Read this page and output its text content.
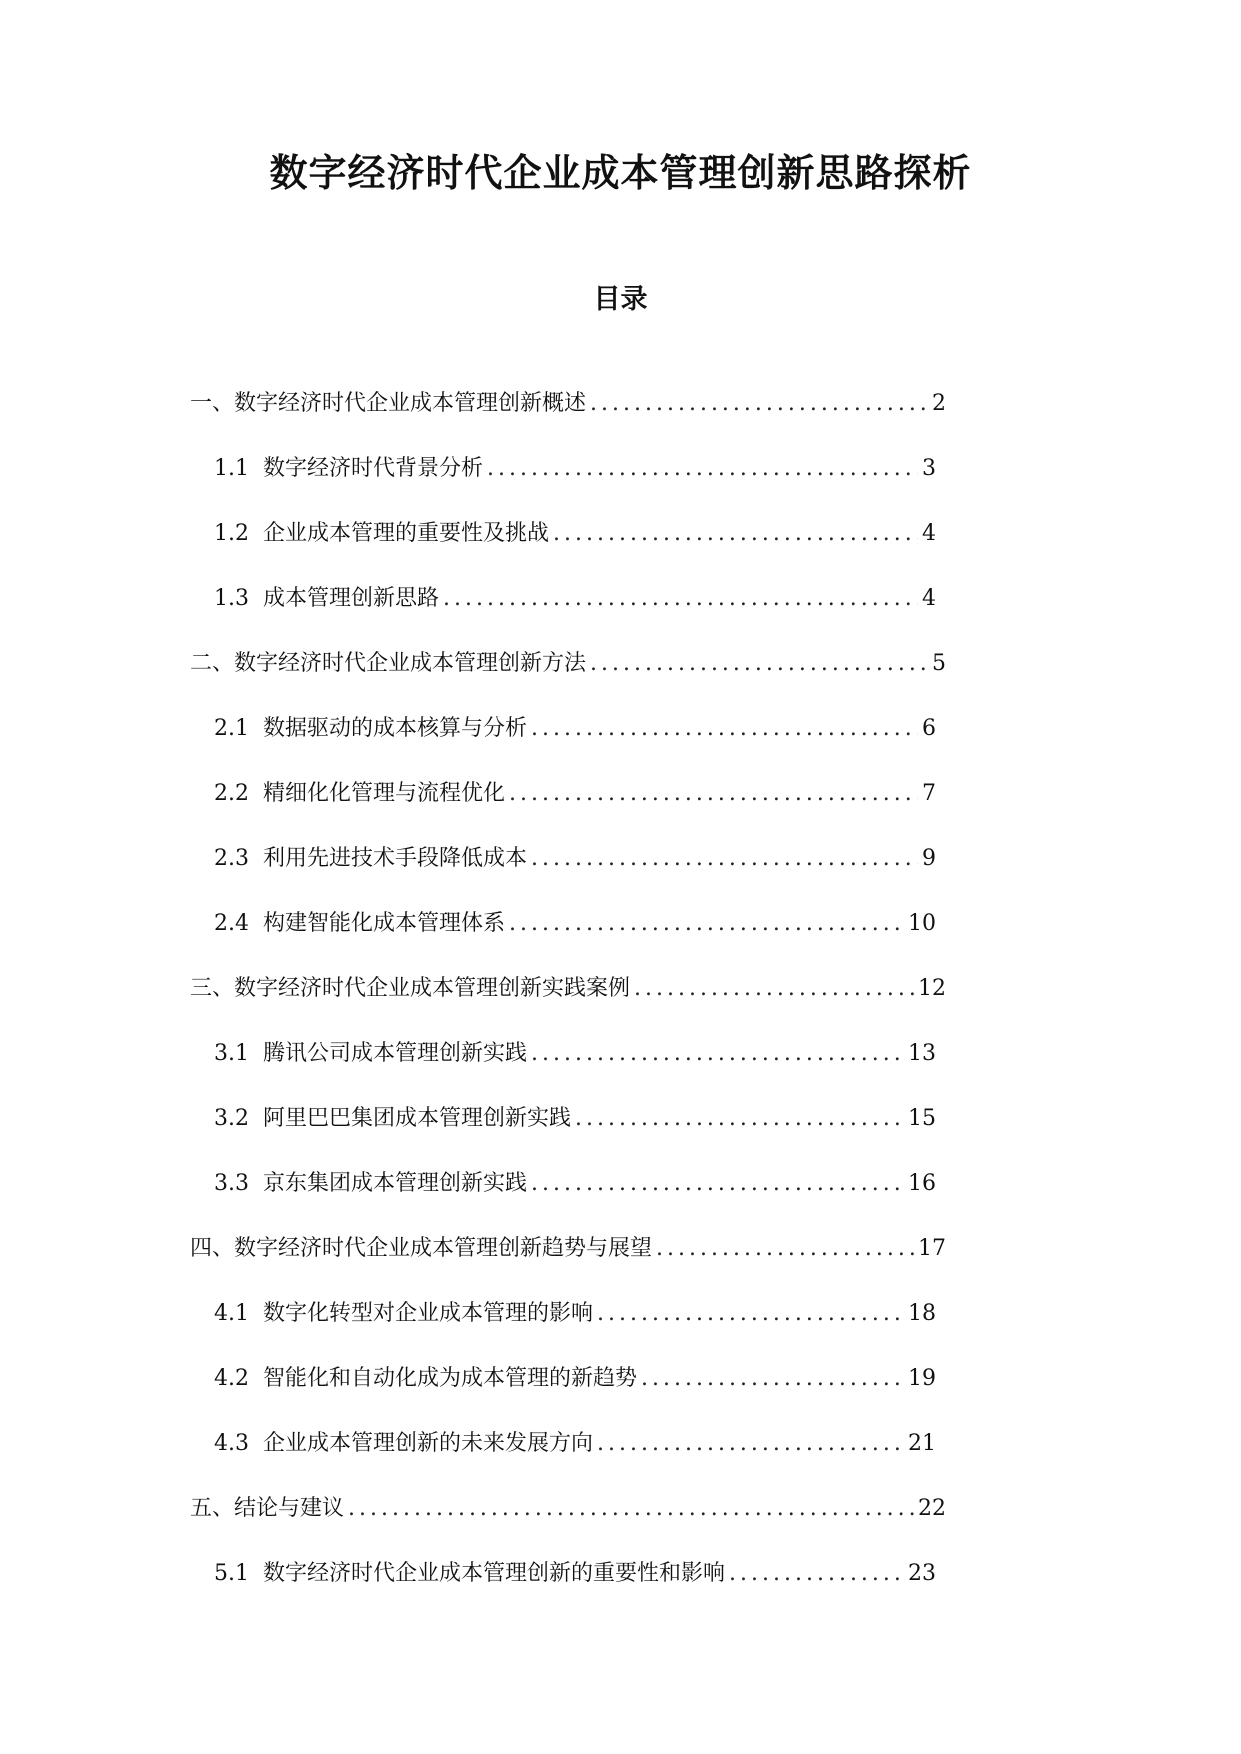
数字经济时代企业成本管理创新思路探析
目录
一、数字经济时代企业成本管理创新概述 .....	2
1.1 数字经济时代背景分析 .....	3
1.2 企业成本管理的重要性及挑战 .....	4
1.3 成本管理创新思路 .....	4
二、数字经济时代企业成本管理创新方法 .....	5
2.1 数据驱动的成本核算与分析 .....	6
2.2 精细化化管理与流程优化 .....	7
2.3 利用先进技术手段降低成本 .....	9
2.4 构建智能化成本管理体系 .....	10
三、数字经济时代企业成本管理创新实践案例 .....	12
3.1 腾讯公司成本管理创新实践 .....	13
3.2 阿里巴巴集团成本管理创新实践 .....	15
3.3 京东集团成本管理创新实践 .....	16
四、数字经济时代企业成本管理创新趋势与展望 .....	17
4.1 数字化转型对企业成本管理的影响 .....	18
4.2 智能化和自动化成为成本管理的新趋势 .....	19
4.3 企业成本管理创新的未来发展方向 .....	21
五、结论与建议 .....	22
5.1 数字经济时代企业成本管理创新的重要性和影响 .....	23
